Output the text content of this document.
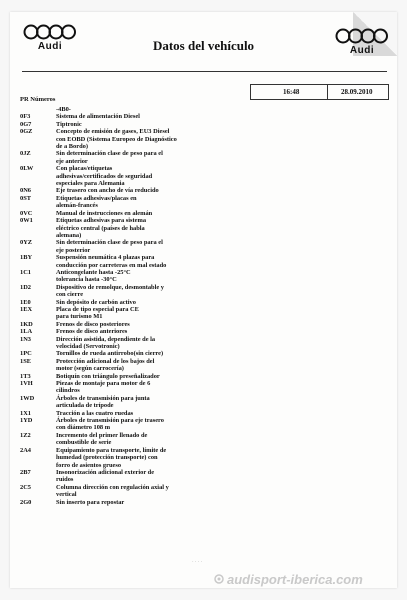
Audi	Datos del vehículo	Audi
16:48	28.09.2010
PR Números
-4B0-
0F3	Sistema de alimentación Diesel
0G7	Tiptronic
0GZ	Concepto de emisión de gases, EU3 Diesel
con EOBD (Sistema Europeo de Diagnóstico
de a Bordo)
0JZ	Sin determinación clase de peso para el
eje anterior
0LW	Con placas/etiquetas
adhesivas/certificados de seguridad
especiales para Alemania
0N6	Eje trasero con ancho de vía reducido
0ST	Etiquetas adhesivas/placas en
alemán-francés
0VC	Manual de instrucciones en alemán
0W1	Etiquetas adhesivas para sistema
eléctrico central (países de habla
alemana)
0YZ	Sin determinación clase de peso para el
eje posterior
1BY	Suspensión neumática 4 plazas para
conducción por carreteras en mal estado
1C1	Anticongelante hasta -25°C
tolerancia hasta -30°C
1D2	Dispositivo de remolque, desmontable y
con cierre
1E0	Sin depósito de carbón activo
1EX	Placa de tipo especial para CE
para turismo M1
1KD	Frenos de disco posteriores
1LA	Frenos de disco anteriores
1N3	Dirección asistida, dependiente de la
velocidad (Servotronic)
1PC	Tornillos de rueda antirrobo(sin cierre)
1SE	Protección adicional de los bajos del
motor (según carrocería)
1T3	Botiquín con triángulo preseñalizador
1VH	Piezas de montaje para motor de 6
cilindros
1WD	Árboles de transmisión para junta
articulada de trípode
1X1	Tracción a las cuatro ruedas
1YD	Árboles de transmisión para eje trasero
con diámetro 108 m
1Z2	Incremento del primer llenado de
combustible de serie
2A4	Equipamiento para transporte, límite de
humedad (protección transporte) con
forro de asientos grueso
2B7	Insonorización adicional exterior de
ruidos
2C5	Columna dirección con regulación axial y
vertical
2G0	Sin inserto para repostar
· · · ·
audisport-iberica.com
